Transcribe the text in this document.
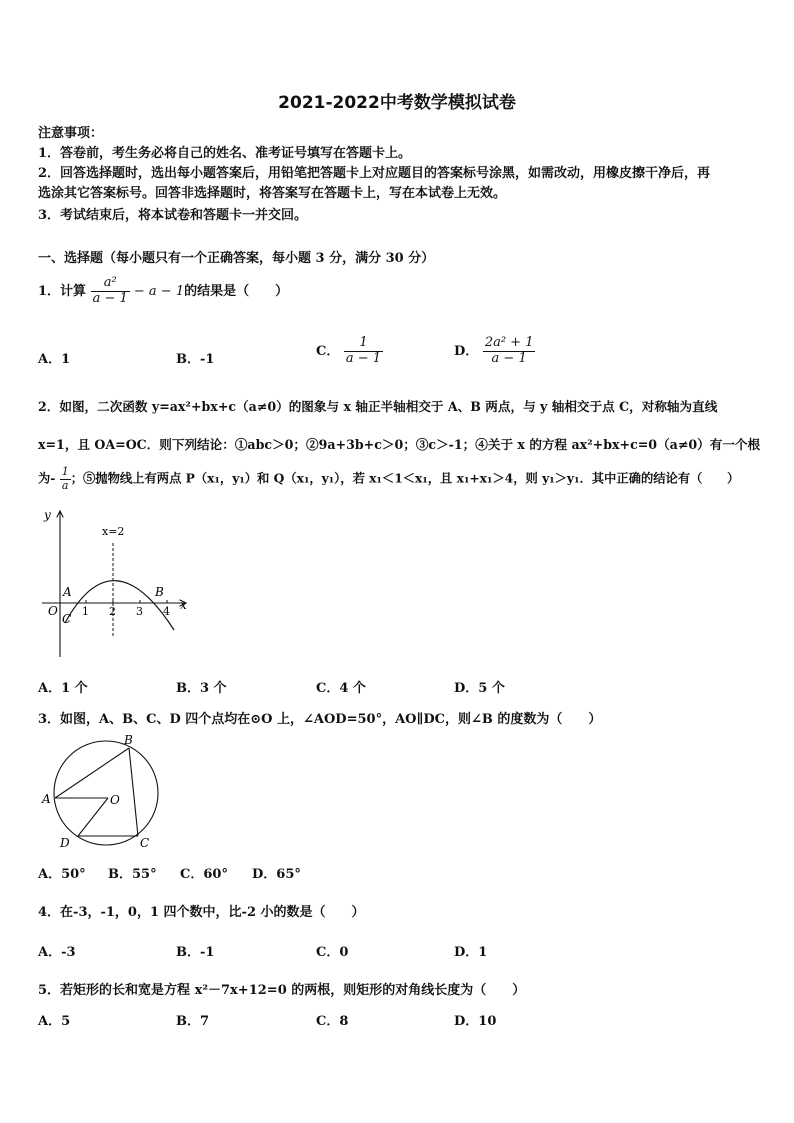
2021-2022中考数学模拟试卷
注意事项：
1．答卷前，考生务必将自己的姓名、准考证号填写在答题卡上。
2．回答选择题时，选出每小题答案后，用铅笔把答题卡上对应题目的答案标号涂黑，如需改动，用橡皮擦干净后，再
选涂其它答案标号。回答非选择题时，将答案写在答题卡上，写在本试卷上无效。
3．考试结束后，将本试卷和答题卡一并交回。
一、选择题（每小题只有一个正确答案，每小题 3 分，满分 30 分）
1．计算 $\frac{\text{a²}}{a - 1} - a - 1$的结果是（　　）
A．1	B．-1
C． $\frac{1}{a - 1}$	D． $\frac{\text{2a² + 1}}{a - 1}$
2．如图，二次函数 y=ax²+bx+c（a≠0）的图象与 x 轴正半轴相交于 A、B 两点，与 y 轴相交于点 C，对称轴为直线
x=1，且 OA=OC．则下列结论：①abc＞0；②9a+3b+c＞0；③c＞-1；④关于 x 的方程 ax²+bx+c=0（a≠0）有一个根
为- $\frac{1}{a}$ ；⑤抛物线上有两点 P（x₁，y₁）和 Q（x₁，y₁），若 x₁＜1＜x₁，且 x₁+x₁＞4，则 y₁＞y₁．其中正确的结论有（　　）
y
x
x=2
1 2 3 4
O
A	B
C
A．1 个	B．3 个	C．4 个	D．5 个
3．如图，A、B、C、D 四个点均在⊙O 上，∠AOD=50°，AO∥DC，则∠B 的度数为（　　）
A
B
C
D
O
A．50° B．55° C．60° D．65°
4．在-3，-1，0，1 四个数中，比-2 小的数是（　　）
A．-3	B．-1	C．0	D．1
5．若矩形的长和宽是方程 x²－7x+12=0 的两根，则矩形的对角线长度为（　　）
A．5	B．7	C．8	D．10
